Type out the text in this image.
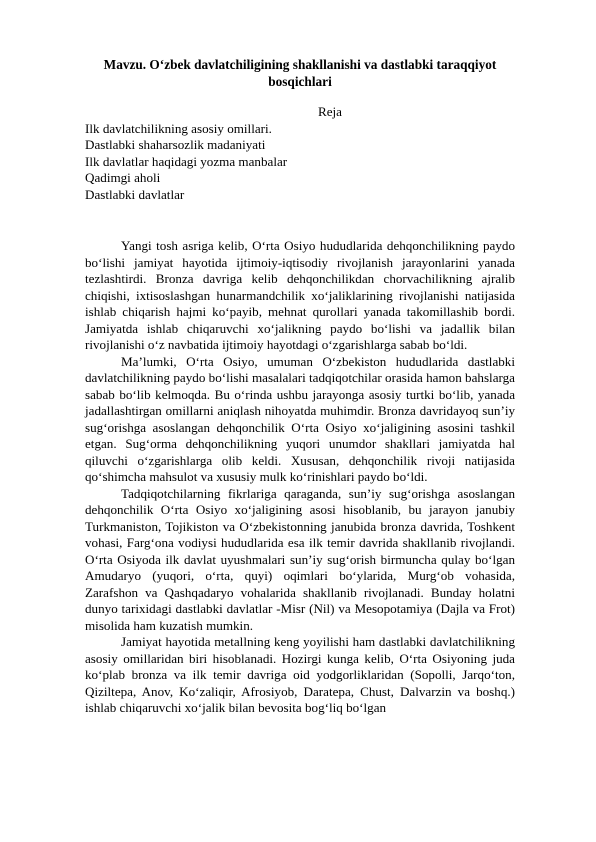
Mavzu. O‘zbek davlatchiligining shakllanishi va dastlabki taraqqiyot bosqichlari
Reja
Ilk davlatchilikning asosiy omillari.
Dastlabki shaharsozlik madaniyati
Ilk davlatlar haqidagi yozma manbalar
Qadimgi aholi
Dastlabki davlatlar

Yangi tosh asriga kelib, O‘rta Osiyo hududlarida dehqonchilikning paydo bo‘lishi jamiyat hayotida ijtimoiy-iqtisodiy rivojlanish jarayonlarini yanada tezlashtirdi. Bronza davriga kelib dehqonchilikdan chorvachilikning ajralib chiqishi, ixtisoslashgan hunarmandchilik xo‘jaliklarining rivojlanishi natijasida ishlab chiqarish hajmi ko‘payib, mehnat qurollari yanada takomillashib bordi. Jamiyatda ishlab chiqaruvchi xo‘jalikning paydo bo‘lishi va jadallik bilan rivojlanishi o‘z navbatida ijtimoiy hayotdagi o‘zgarishlarga sabab bo‘ldi.

Ma’lumki, O‘rta Osiyo, umuman O‘zbekiston hududlarida dastlabki davlatchilikning paydo bo‘lishi masalalari tadqiqotchilar orasida hamon bahslarga sabab bo‘lib kelmoqda. Bu o‘rinda ushbu jarayonga asosiy turtki bo‘lib, yanada jadallashtirgan omillarni aniqlash nihoyatda muhimdir. Bronza davridayoq sun’iy sug‘orishga asoslangan dehqonchilik O‘rta Osiyo xo‘jaligining asosini tashkil etgan. Sug‘orma dehqonchilikning yuqori unumdor shakllari jamiyatda hal qiluvchi o‘zgarishlarga olib keldi. Xususan, dehqonchilik rivoji natijasida qo‘shimcha mahsulot va xususiy mulk ko‘rinishlari paydo bo‘ldi.

Tadqiqotchilarning fikrlariga qaraganda, sun’iy sug‘orishga asoslangan dehqonchilik O‘rta Osiyo xo‘jaligining asosi hisoblanib, bu jarayon janubiy Turkmaniston, Tojikiston va O‘zbekistonning janubida bronza davrida, Toshkent vohasi, Farg‘ona vodiysi hududlarida esa ilk temir davrida shakllanib rivojlandi. O‘rta Osiyoda ilk davlat uyushmalari sun’iy sug‘orish birmuncha qulay bo‘lgan Amudaryo (yuqori, o‘rta, quyi) oqimlari bo‘ylarida, Murg‘ob vohasida, Zarafshon va Qashqadaryo vohalarida shakllanib rivojlanadi. Bunday holatni dunyo tarixidagi dastlabki davlatlar -Misr (Nil) va Mesopotamiya (Dajla va Frot) misolida ham kuzatish mumkin.

Jamiyat hayotida metallning keng yoyilishi ham dastlabki davlatchilikning asosiy omillaridan biri hisoblanadi. Hozirgi kunga kelib, O‘rta Osiyoning juda ko‘plab bronza va ilk temir davriga oid yodgorliklaridan (Sopolli, Jarqo‘ton, Qiziltepa, Anov, Ko‘zaliqir, Afrosiyob, Daratepa, Chust, Dalvarzin va boshq.) ishlab chiqaruvchi xo‘jalik bilan bevosita bog‘liq bo‘lgan
